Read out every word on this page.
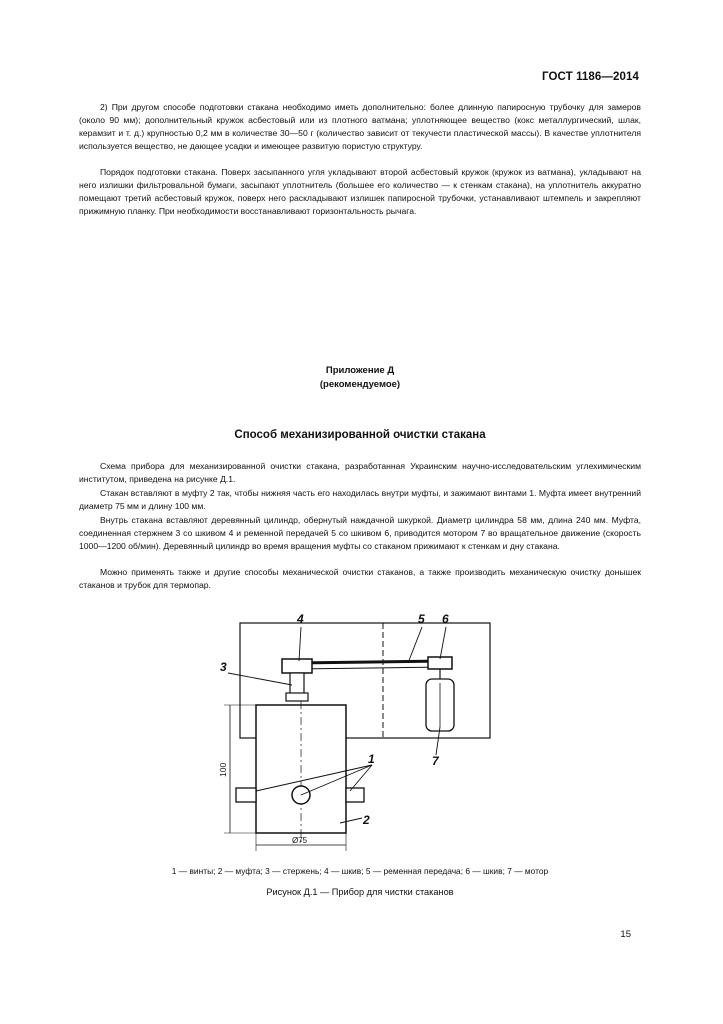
ГОСТ 1186—2014

2) При другом способе подготовки стакана необходимо иметь дополнительно: более длинную папиросную трубочку для замеров (около 90 мм); дополнительный кружок асбестовый или из плотного ватмана; уплотняющее вещество (кокс металлургический, шлак, керамзит и т. д.) крупностью 0,2 мм в количестве 30—50 г (количество зависит от текучести пластической массы). В качестве уплотнителя используется вещество, не дающее усадки и имеющее развитую пористую структуру.

Порядок подготовки стакана. Поверх засыпанного угля укладывают второй асбестовый кружок (кружок из ватмана), укладывают на него излишки фильтровальной бумаги, засыпают уплотнитель (большее его количество — к стенкам стакана), на уплотнитель аккуратно помещают третий асбестовый кружок, поверх него раскладывают излишек папиросной трубочки, устанавливают штемпель и закрепляют прижимную планку. При необходимости восстанавливают горизонтальность рычага.

Приложение Д

(рекомендуемое)

Способ механизированной очистки стакана

Схема прибора для механизированной очистки стакана, разработанная Украинским научно-исследовательским углехимическим институтом, приведена на рисунке Д.1.

Стакан вставляют в муфту 2 так, чтобы нижняя часть его находилась внутри муфты, и зажимают винтами 1. Муфта имеет внутренний диаметр 75 мм и длину 100 мм.

Внутрь стакана вставляют деревянный цилиндр, обернутый наждачной шкуркой. Диаметр цилиндра 58 мм, длина 240 мм. Муфта, соединенная стержнем 3 со шкивом 4 и ременной передачей 5 со шкивом 6, приводится мотором 7 во вращательное движение (скорость 1000—1200 об/мин). Деревянный цилиндр во время вращения муфты со стаканом прижимают к стенкам и дну стакана.

Можно применять также и другие способы механической очистки стаканов, а также производить механическую очистку донышек стаканов и трубок для термопар.

1
2
3
4	5 6
7
100
Ø75

1 — винты; 2 — муфта; 3 — стержень; 4 — шкив; 5 — ременная передача; 6 — шкив; 7 — мотор

Рисунок Д.1 — Прибор для чистки стаканов

15
